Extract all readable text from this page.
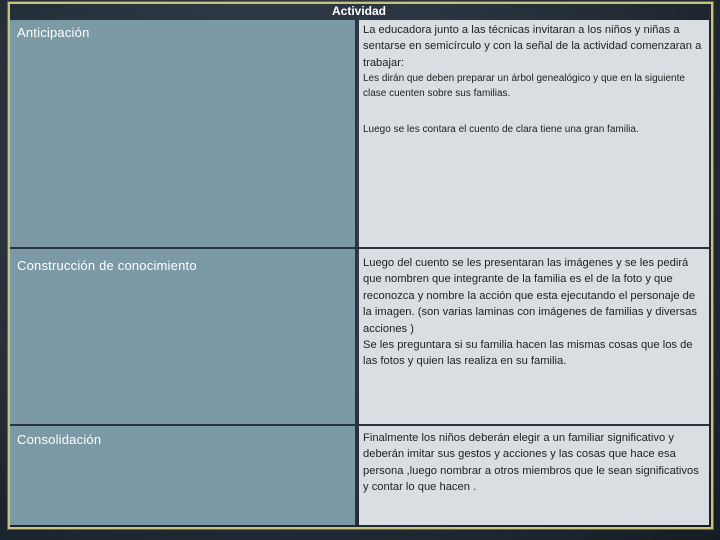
Actividad
Anticipación	La educadora junto a las técnicas invitaran a los niños y niñas a sentarse en semicírculo y con la señal de la actividad comenzaran a trabajar:
Les dirán que deben preparar un árbol genealógico y que en la siguiente clase cuenten sobre sus familias.
Luego se les contara el cuento de clara tiene una gran familia.
Construcción de conocimiento	Luego del cuento se les presentaran las imágenes y se les pedirá que nombren que integrante de la familia es el de la foto y que reconozca y nombre la acción que esta ejecutando el personaje de la imagen. (son varias laminas con imágenes de familias y diversas acciones )
Se les preguntara si su familia hacen las mismas cosas que los de las fotos y quien las realiza en su familia.
Consolidación	Finalmente los niños deberán elegir a un familiar significativo y deberán imitar sus gestos y acciones y las cosas que hace esa persona ,luego nombrar a otros miembros que le sean significativos y contar lo que hacen .
